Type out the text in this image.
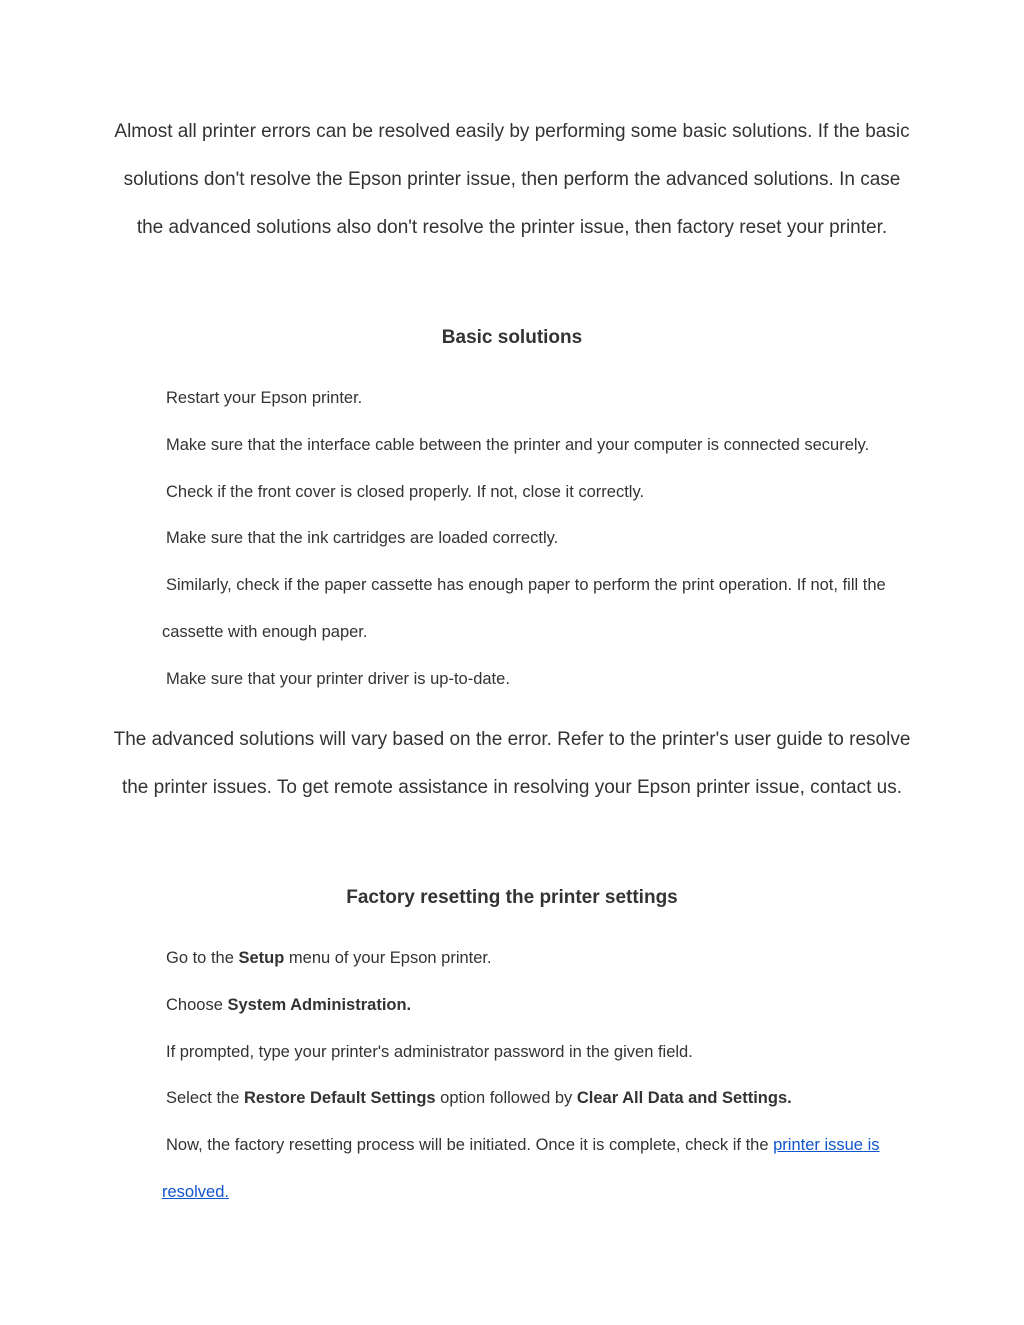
Almost all printer errors can be resolved easily by performing some basic solutions. If the basic solutions don't resolve the Epson printer issue, then perform the advanced solutions. In case the advanced solutions also don't resolve the printer issue, then factory reset your printer.

Basic solutions
Restart your Epson printer.
Make sure that the interface cable between the printer and your computer is connected securely.
Check if the front cover is closed properly. If not, close it correctly.
Make sure that the ink cartridges are loaded correctly.
Similarly, check if the paper cassette has enough paper to perform the print operation. If not, fill the cassette with enough paper.
Make sure that your printer driver is up-to-date.

The advanced solutions will vary based on the error. Refer to the printer's user guide to resolve the printer issues. To get remote assistance in resolving your Epson printer issue, contact us.

Factory resetting the printer settings
Go to the Setup menu of your Epson printer.
Choose System Administration.
If prompted, type your printer's administrator password in the given field.
Select the Restore Default Settings option followed by Clear All Data and Settings.
Now, the factory resetting process will be initiated. Once it is complete, check if the printer issue is resolved.
